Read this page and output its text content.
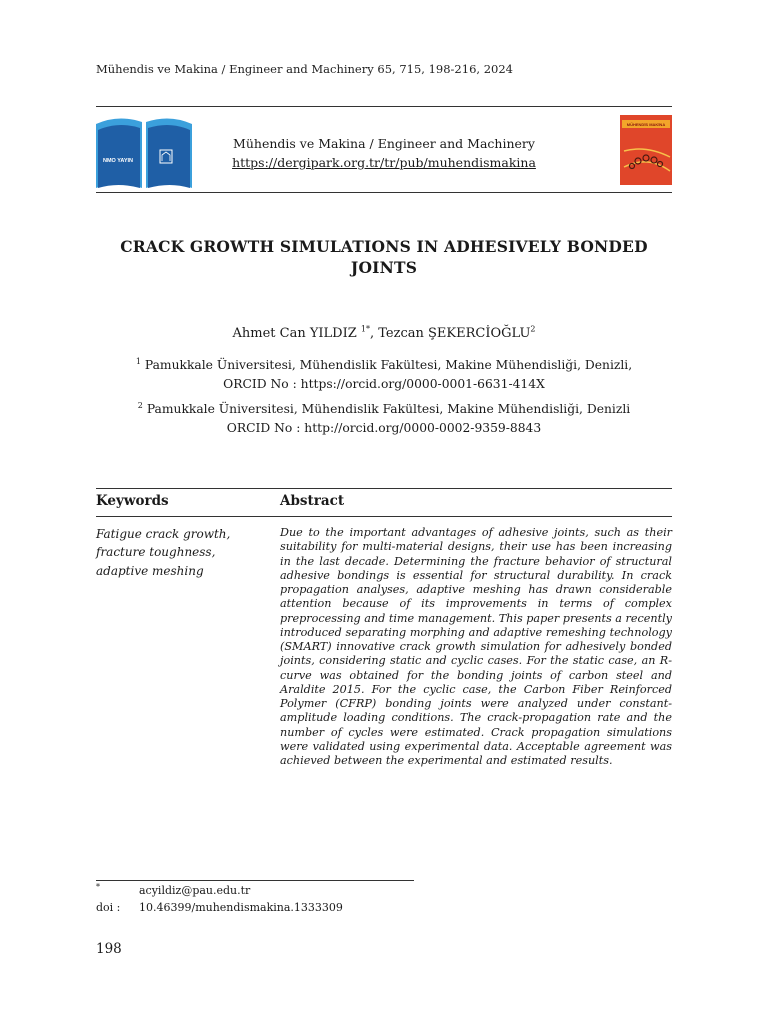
Mühendis ve Makina / Engineer and Machinery 65, 715, 198-216, 2024
NMO YAYIN
Mühendis ve Makina / Engineer and Machinery
https://dergipark.org.tr/tr/pub/muhendismakina
MÜHENDİS MAKİNA
CRACK GROWTH SIMULATIONS IN ADHESIVELY BONDED
JOINTS
Ahmet Can YILDIZ $^{1*}$, Tezcan ŞEKERCİOĞLU$^2$
$^1$ Pamukkale Üniversitesi, Mühendislik Fakültesi, Makine Mühendisliği, Denizli,
ORCID No : https://orcid.org/0000-0001-6631-414X
$^2$ Pamukkale Üniversitesi, Mühendislik Fakültesi, Makine Mühendisliği, Denizli
ORCID No : http://orcid.org/0000-0002-9359-8843
Keywords	Abstract
Fatigue crack growth,
fracture toughness,
adaptive meshing
Due to the important advantages of adhesive joints, such as their suitability for multi-material designs, their use has been increasing in the last decade. Determining the fracture behavior of structural adhesive bondings is essential for structural durability. In crack propagation analyses, adaptive meshing has drawn considerable attention because of its improvements in terms of complex preprocessing and time management. This paper presents a recently introduced separating morphing and adaptive remeshing technology (SMART) innovative crack growth simulation for adhesively bonded joints, considering static and cyclic cases. For the static case, an R-curve was obtained for the bonding joints of carbon steel and Araldite 2015. For the cyclic case, the Carbon Fiber Reinforced Polymer (CFRP) bonding joints were analyzed under constant-amplitude loading conditions. The crack-propagation rate and the number of cycles were estimated. Crack propagation simulations were validated using experimental data. Acceptable agreement was achieved between the experimental and estimated results.
*	acyildiz@pau.edu.tr
doi : 10.46399/muhendismakina.1333309
198
